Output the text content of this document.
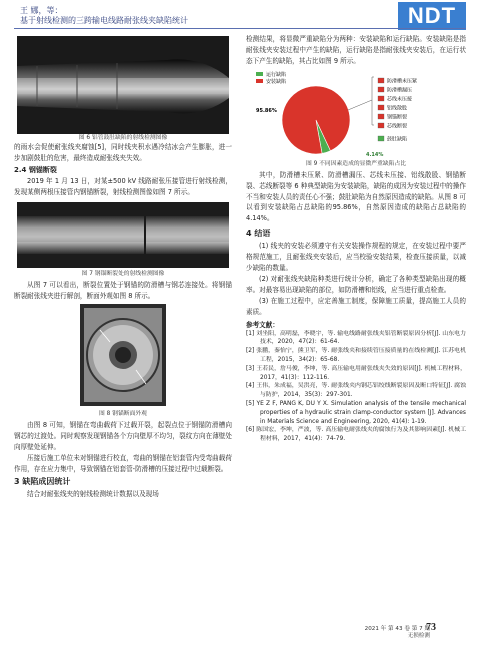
王 娜，等：
基于射线检测的三跨输电线路耐张线夹缺陷统计	NDT
图 6 铝管鼓肚缺陷的射线检测图像

的雨水会促使耐张线夹腐蚀[5]，同时线夹积水遇冷结冰会产生膨胀，进一步加剧鼓肚的危害，最终造成耐张线夹失效。

2.4 钢锚断裂

2019 年 1 月 13 日，对某±500 kV 线路耐张压接管进行射线检测，发现某侧两根压接管内钢锚断裂，射线检测图像如图 7 所示。

图 7 钢锚断裂处的射线检测图像

从图 7 可以看出，断裂位置处于钢锚的防滑槽与钢芯连接处。将钢锚断裂耐张线夹进行解剖，断面外观如图 8 所示。

图 8 钢锚断面外观

由图 8 可知，钢锚在弯曲载荷下过载开裂，起裂点位于钢锚防滑槽向钢芯的过渡处。同时观察发现钢锚各个方向壁厚不均匀，裂纹方向在薄壁处向厚壁处延伸。

压接后施工单位未对钢锚进行校直，弯曲的钢锚在铝套管内受弯曲载荷作用，存在应力集中，导致钢锚在铝套管-防滑槽的压接过程中过载断裂。

3 缺陷成因统计

结合对耐张线夹的射线检测统计数据以及现场

检测结果，将显微严重缺陷分为两种：安装缺陷和运行缺陷。安装缺陷是指耐张线夹安装过程中产生的缺陷，运行缺陷是指耐张线夹安装后，在运行状态下产生的缺陷，其占比如图 9 所示。

运行缺陷
安装缺陷
95.86%
4.14%
防滑槽未压紧
防滑槽漏压
芯线未压接
铝线散股
钢锚断裂
芯线断裂
鼓肚缺陷
图 9 不同因素造成的显微严重缺陷占比

其中，防滑槽未压紧、防滑槽漏压、芯线未压接、铝线散股、钢锚断裂、芯线断裂等 6 种典型缺陷为安装缺陷，缺陷的成因为安装过程中的操作不当和安装人员的责任心不强；鼓肚缺陷为自然原因造成的缺陷。从图 8 可以看到安装缺陷占总缺陷的95.86%，自然原因造成的缺陷占总缺陷的 4.14%。

4 结语

(1) 线夹的安装必须遵守有关安装操作规程的规定，在安装过程中要严格规范施工，且耐张线夹安装后，应当校验安装结果，检查压接质量，以减少缺陷的数量。

(2) 对耐张线夹缺陷种类进行统计分析，确定了各种类型缺陷出现的概率。对最容易出现缺陷的部位，如防滑槽和铝线，应当进行重点检查。

(3) 在施工过程中，应定善施工制度，保障施工质量，提高施工人员的素质。

参考文献：
[1] 刘坐阳，高明磊，李晓宇，等. 输电线路耐张线夹铝管断裂原因分析[J]. 山东电力技术，2020，47(2)：61-64.
[2] 张鹏，秦怡宁，熊卫军，等. 耐张线夹和接续管压接质量的在线检测[J]. 江苏电机工程，2015，34(2)：65-68.
[3] 王若民，詹马俊，李坤，等. 高压输电用耐张线夹失效的原因[J]. 机械工程材料，2017，41(3)：112-116.
[4] 王伟，朱成福，吴洪亮，等. 耐张线夹内钢芯铝绞线断裂原因及断口特征[J]. 腐蚀与防护，2014，35(3)：297-301.
[5] YE Z F, PANG K, DU Y X. Simulation analysis of the tensile mechanical properties of a hydraulic strain clamp-conductor system [J]. Advances in Materials Science and Engineering, 2020, 41(4): 1-19.
[6] 陈国宏，李坤，严波，等. 高压输电耐张线夹的腐蚀行为及其影响因素[J]. 机械工程材料，2017，41(4)：74-79.
73
2021 年 第 43 卷 第 7 期
无损检测
